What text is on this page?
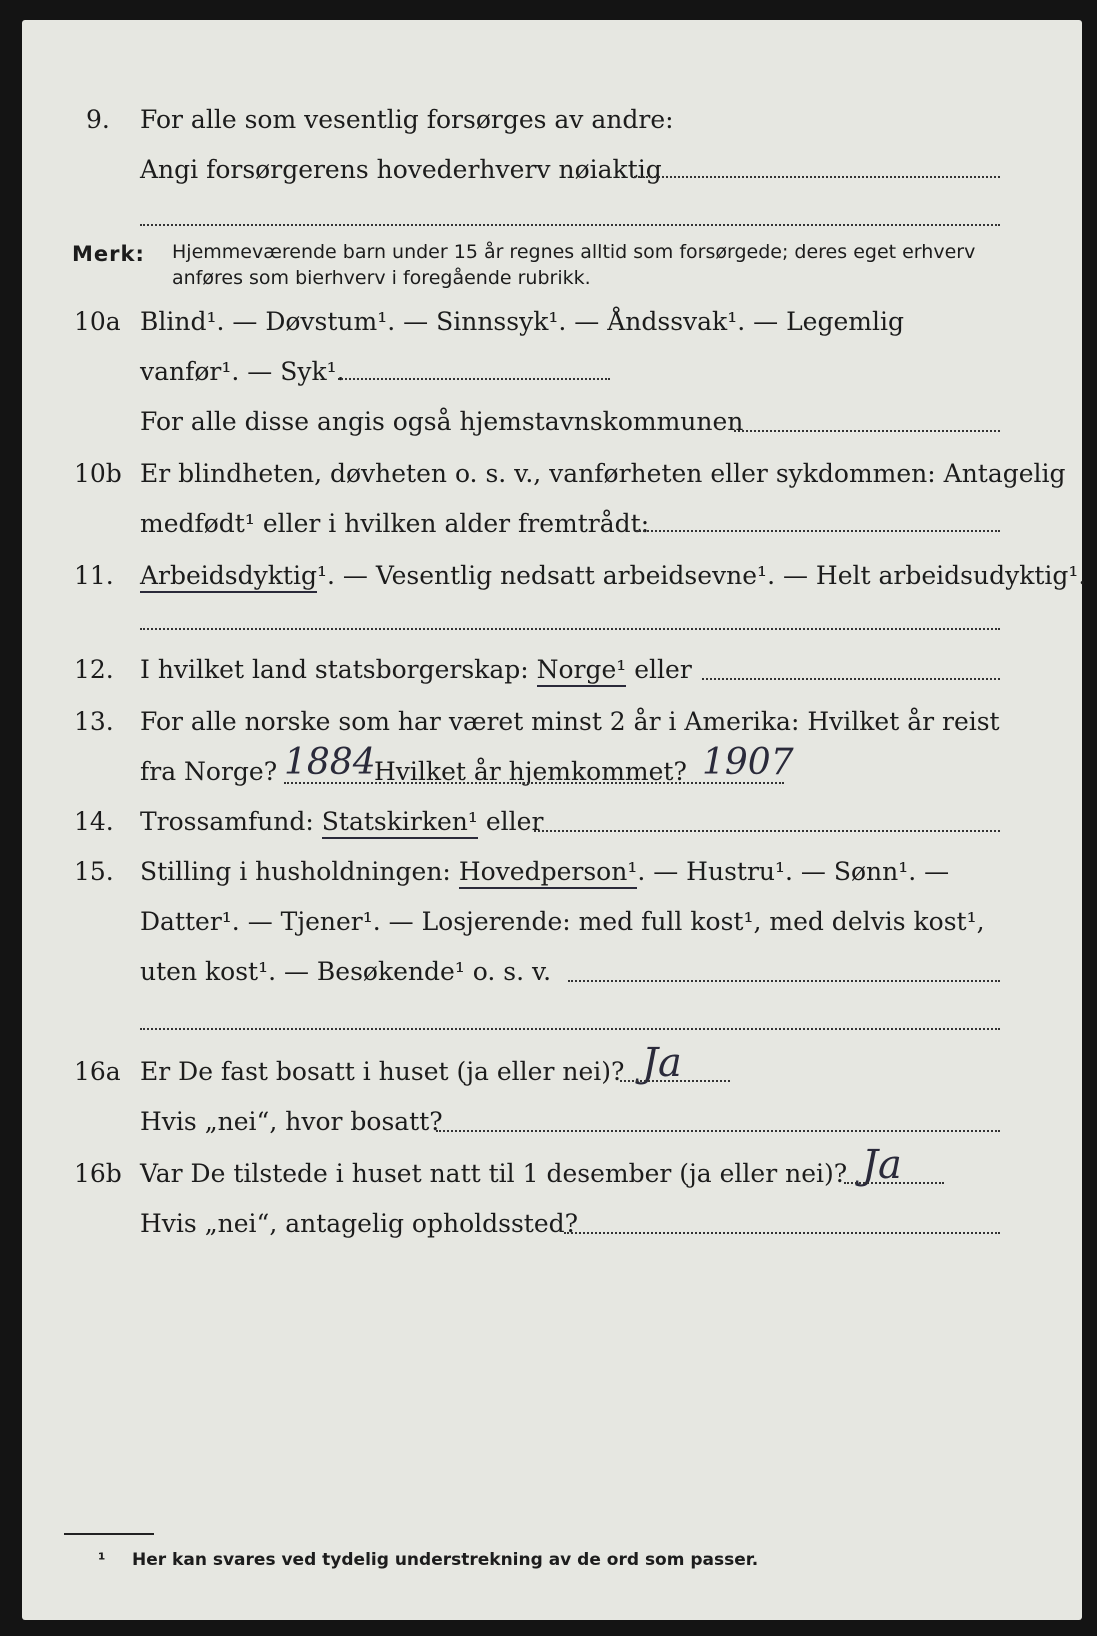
9. For alle som vesentlig forsørges av andre:
Angi forsørgerens hovederhverv nøiaktig
Merk: Hjemmeværende barn under 15 år regnes alltid som forsørgede; deres eget erhverv
anføres som bierhverv i foregående rubrikk.
10a Blind¹. — Døvstum¹. — Sinnssyk¹. — Åndssvak¹. — Legemlig
vanfør¹. — Syk¹.
For alle disse angis også hjemstavnskommunen
10b Er blindheten, døvheten o. s. v., vanførheten eller sykdommen: Antagelig
medfødt¹ eller i hvilken alder fremtrådt:
11. Arbeidsdyktig¹. — Vesentlig nedsatt arbeidsevne¹. — Helt arbeidsudyktig¹.
12. I hvilket land statsborgerskap: Norge¹ eller
13. For alle norske som har været minst 2 år i Amerika: Hvilket år reist
fra Norge? 1884
Hvilket år hjemkommet? 1907
14. Trossamfund: Statskirken¹ eller
15. Stilling i husholdningen: Hovedperson¹. — Hustru¹. — Sønn¹. —
Datter¹. — Tjener¹. — Losjerende: med full kost¹, med delvis kost¹,
uten kost¹. — Besøkende¹ o. s. v.
16a Er De fast bosatt i huset (ja eller nei)? Ja
Hvis „nei“, hvor bosatt?
16b Var De tilstede i huset natt til 1 desember (ja eller nei)? Ja
Hvis „nei“, antagelig opholdssted?
¹ Her kan svares ved tydelig understrekning av de ord som passer.
